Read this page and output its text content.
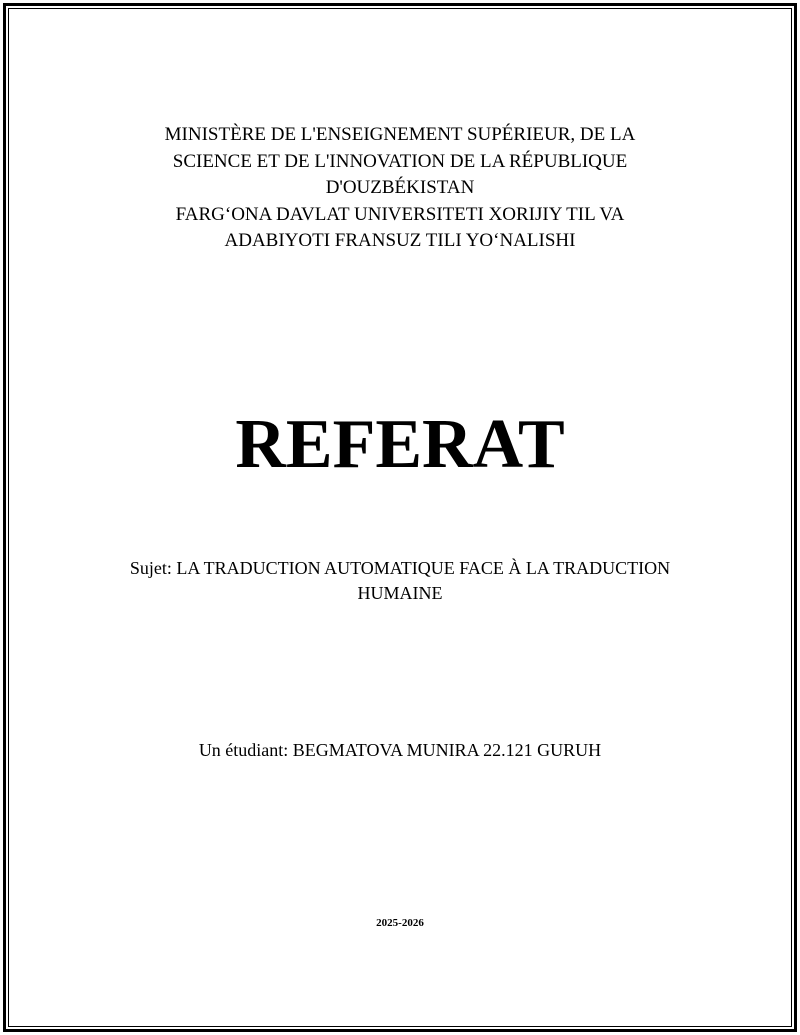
MINISTÈRE DE L'ENSEIGNEMENT SUPÉRIEUR, DE LA
SCIENCE ET DE L'INNOVATION DE LA RÉPUBLIQUE
D'OUZBÉKISTAN
FARG‘ONA DAVLAT UNIVERSITETI XORIJIY TIL VA
ADABIYOTI FRANSUZ TILI YO‘NALISHI
REFERAT
Sujet: LA TRADUCTION AUTOMATIQUE FACE À LA TRADUCTION
HUMAINE
Un étudiant: BEGMATOVA MUNIRA 22.121 GURUH
2025-2026
